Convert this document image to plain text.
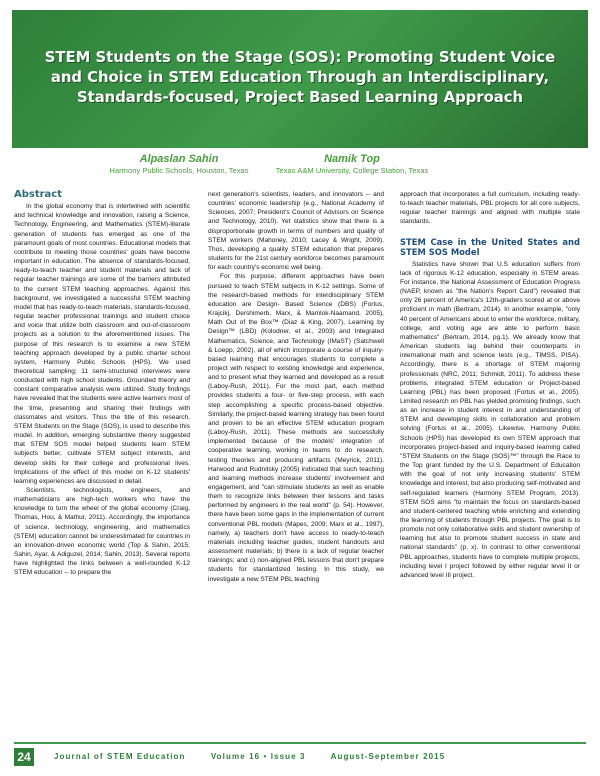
STEM Students on the Stage (SOS): Promoting Student Voice and Choice in STEM Education Through an Interdisciplinary, Standards-focused, Project Based Learning Approach
Alpaslan Sahin
Harmony Public Schools, Houston, Texas
Namik Top
Texas A&M University, College Station, Texas
Abstract

In the global economy that is intertwined with scientific and technical knowledge and innovation, raising a Science, Technology, Engineering, and Mathematics (STEM)-literate generation of students has emerged as one of the paramount goals of most countries. Educational models that contribute to meeting those countries' goals have become important in education. The absence of standards-focused, ready-to-teach teacher and student materials and lack of regular teacher trainings are some of the barriers attributed to the current STEM teaching approaches. Against this background, we investigated a successful STEM teaching model that has ready-to-teach materials, standards-focused, regular teacher professional trainings and student choice and voice that utilize both classroom and out-of-classroom projects as a solution to the aforementioned issues. The purpose of this research is to examine a new STEM teaching approach developed by a public charter school system, Harmony Public Schools (HPS). We used theoretical sampling; 11 semi-structured interviews were conducted with high school students. Grounded theory and constant comparative analysis were utilized. Study findings have revealed that the students were active learners most of the time, presenting and sharing their findings with classmates and visitors. Thus the title of this research, STEM Students on the Stage (SOS), is used to describe this model. In addition, emerging substantive theory suggested that STEM SOS model helped students learn STEM subjects better, cultivate STEM subject interests, and develop skills for their college and professional lives. Implications of the effect of this model on K-12 students' learning experiences are discussed in detail.

Scientists, technologists, engineers, and mathematicians are high-tech workers who have the knowledge to turn the wheel of the global economy (Craig, Thomas, Hou, & Mathur, 2011). Accordingly, the importance of science, technology, engineering, and mathematics (STEM) education cannot be underestimated for countries in an innovation-driven economic world (Top & Sahin, 2015; Sahin, Ayar, & Adiguzel, 2014; Sahin, 2013). Several reports have highlighted the links between a well-rounded K-12 STEM education -- to prepare the

next generation's scientists, leaders, and innovators -- and countries' economic leadership (e.g., National Academy of Sciences, 2007; President's Council of Advisors on Science and Technology, 2010). Yet statistics show that there is a disproportionate growth in terms of numbers and quality of STEM workers (Mahoney, 2010; Lacey & Wright, 2009). Thus, developing a quality STEM education that prepares students for the 21st century workforce becomes paramount for each country's economic well being.

For this purpose, different approaches have been pursued to teach STEM subjects in K-12 settings. Some of the research-based methods for interdisciplinary STEM education are Design- Based Science (DBS) (Fortus, Krajcikj, Dershimerb, Marx, & Mamlok-Naamand, 2005), Math Out of the Box™ (Diaz & King, 2007), Learning by Design™ (LBD) (Kolodner, et al., 2003) and Integrated Mathematics, Science, and Technology (IMaST) (Satchwell & Loepp, 2002), all of which incorporate a course of inquiry-based learning that encourages students to complete a project with respect to existing knowledge and experience, and to present what they learned and developed as a result (Laboy-Rush, 2011). For the most part, each method provides students a four- or five-step process, with each step accomplishing a specific process-based objective. Similarly, the project-based learning strategy has been found and proven to be an effective STEM education program (Laboy-Rush, 2011). These methods are successfully implemented because of the models' integration of cooperative learning, working in teams to do research, testing theories and producing artifacts (Meyrick, 2011). Harwood and Rudnitsky (2005) indicated that such teaching and learning methods increase students' involvement and engagement, and "can stimulate students as well as enable them to recognize links between their lessons and tasks performed by engineers in the real world" (p. 54). However, there have been some gaps in the implementation of current conventional PBL models (Mapes, 2009; Marx et al., 1997), namely, a) teachers don't have access to ready-to-teach materials including teacher guides, student handouts and assessment materials; b) there is a lack of regular teacher trainings; and c) non-aligned PBL lessons that don't prepare students for standardized testing. In this study, we investigate a new STEM PBL teaching

approach that incorporates a full curriculum, including ready-to-teach teacher materials, PBL projects for all core subjects, regular teacher trainings and aligned with multiple state standards.

STEM Case in the United States and STEM SOS Model

Statistics have shown that U.S education suffers from lack of rigorous K-12 education, especially in STEM areas. For instance, the National Assessment of Education Progress (NAEP, known as "the Nation's Report Card") revealed that only 26 percent of America's 12th-graders scored at or above proficient in math (Bertram, 2014). In another example, "only 40 percent of Americans about to enter the workforce, military, college, and voting age are able to perform basic mathematics" (Bertram, 2014, pg.1). We already know that American students lag behind their counterparts in international math and science tests (e.g., TIMSS, PISA). Accordingly, there is a shortage of STEM majoring professionals (NRC, 2011; Schmidt, 2011). To address these problems, integrated STEM education or Project-based Learning (PBL) has been proposed (Fortus et al., 2005). Limited research on PBL has yielded promising findings, such as an increase in student interest in and understanding of STEM and developing skills in collaboration and problem solving (Fortus et al., 2005). Likewise, Harmony Public Schools (HPS) has developed its own STEM approach that incorporates project-based and inquiry-based learning called "STEM Students on the Stage (SOS)™" through the Race to the Top grant funded by the U.S. Department of Education with the goal of not only increasing students' STEM knowledge and interest, but also producing self-motivated and self-regulated learners (Harmony STEM Program, 2013). STEM SOS aims "to maintain the focus on standards-based and student-centered teaching while enriching and extending the learning of students through PBL projects. The goal is to promote not only collaborative skills and student ownership of learning but also to promote student success in state and national standards" (p. x). In contrast to other conventional PBL approaches, students have to complete multiple projects, including level I project followed by either regular level II or advanced level III project.

24	Journal of STEM Education	Volume 16 • Issue 3	August-September 2015
